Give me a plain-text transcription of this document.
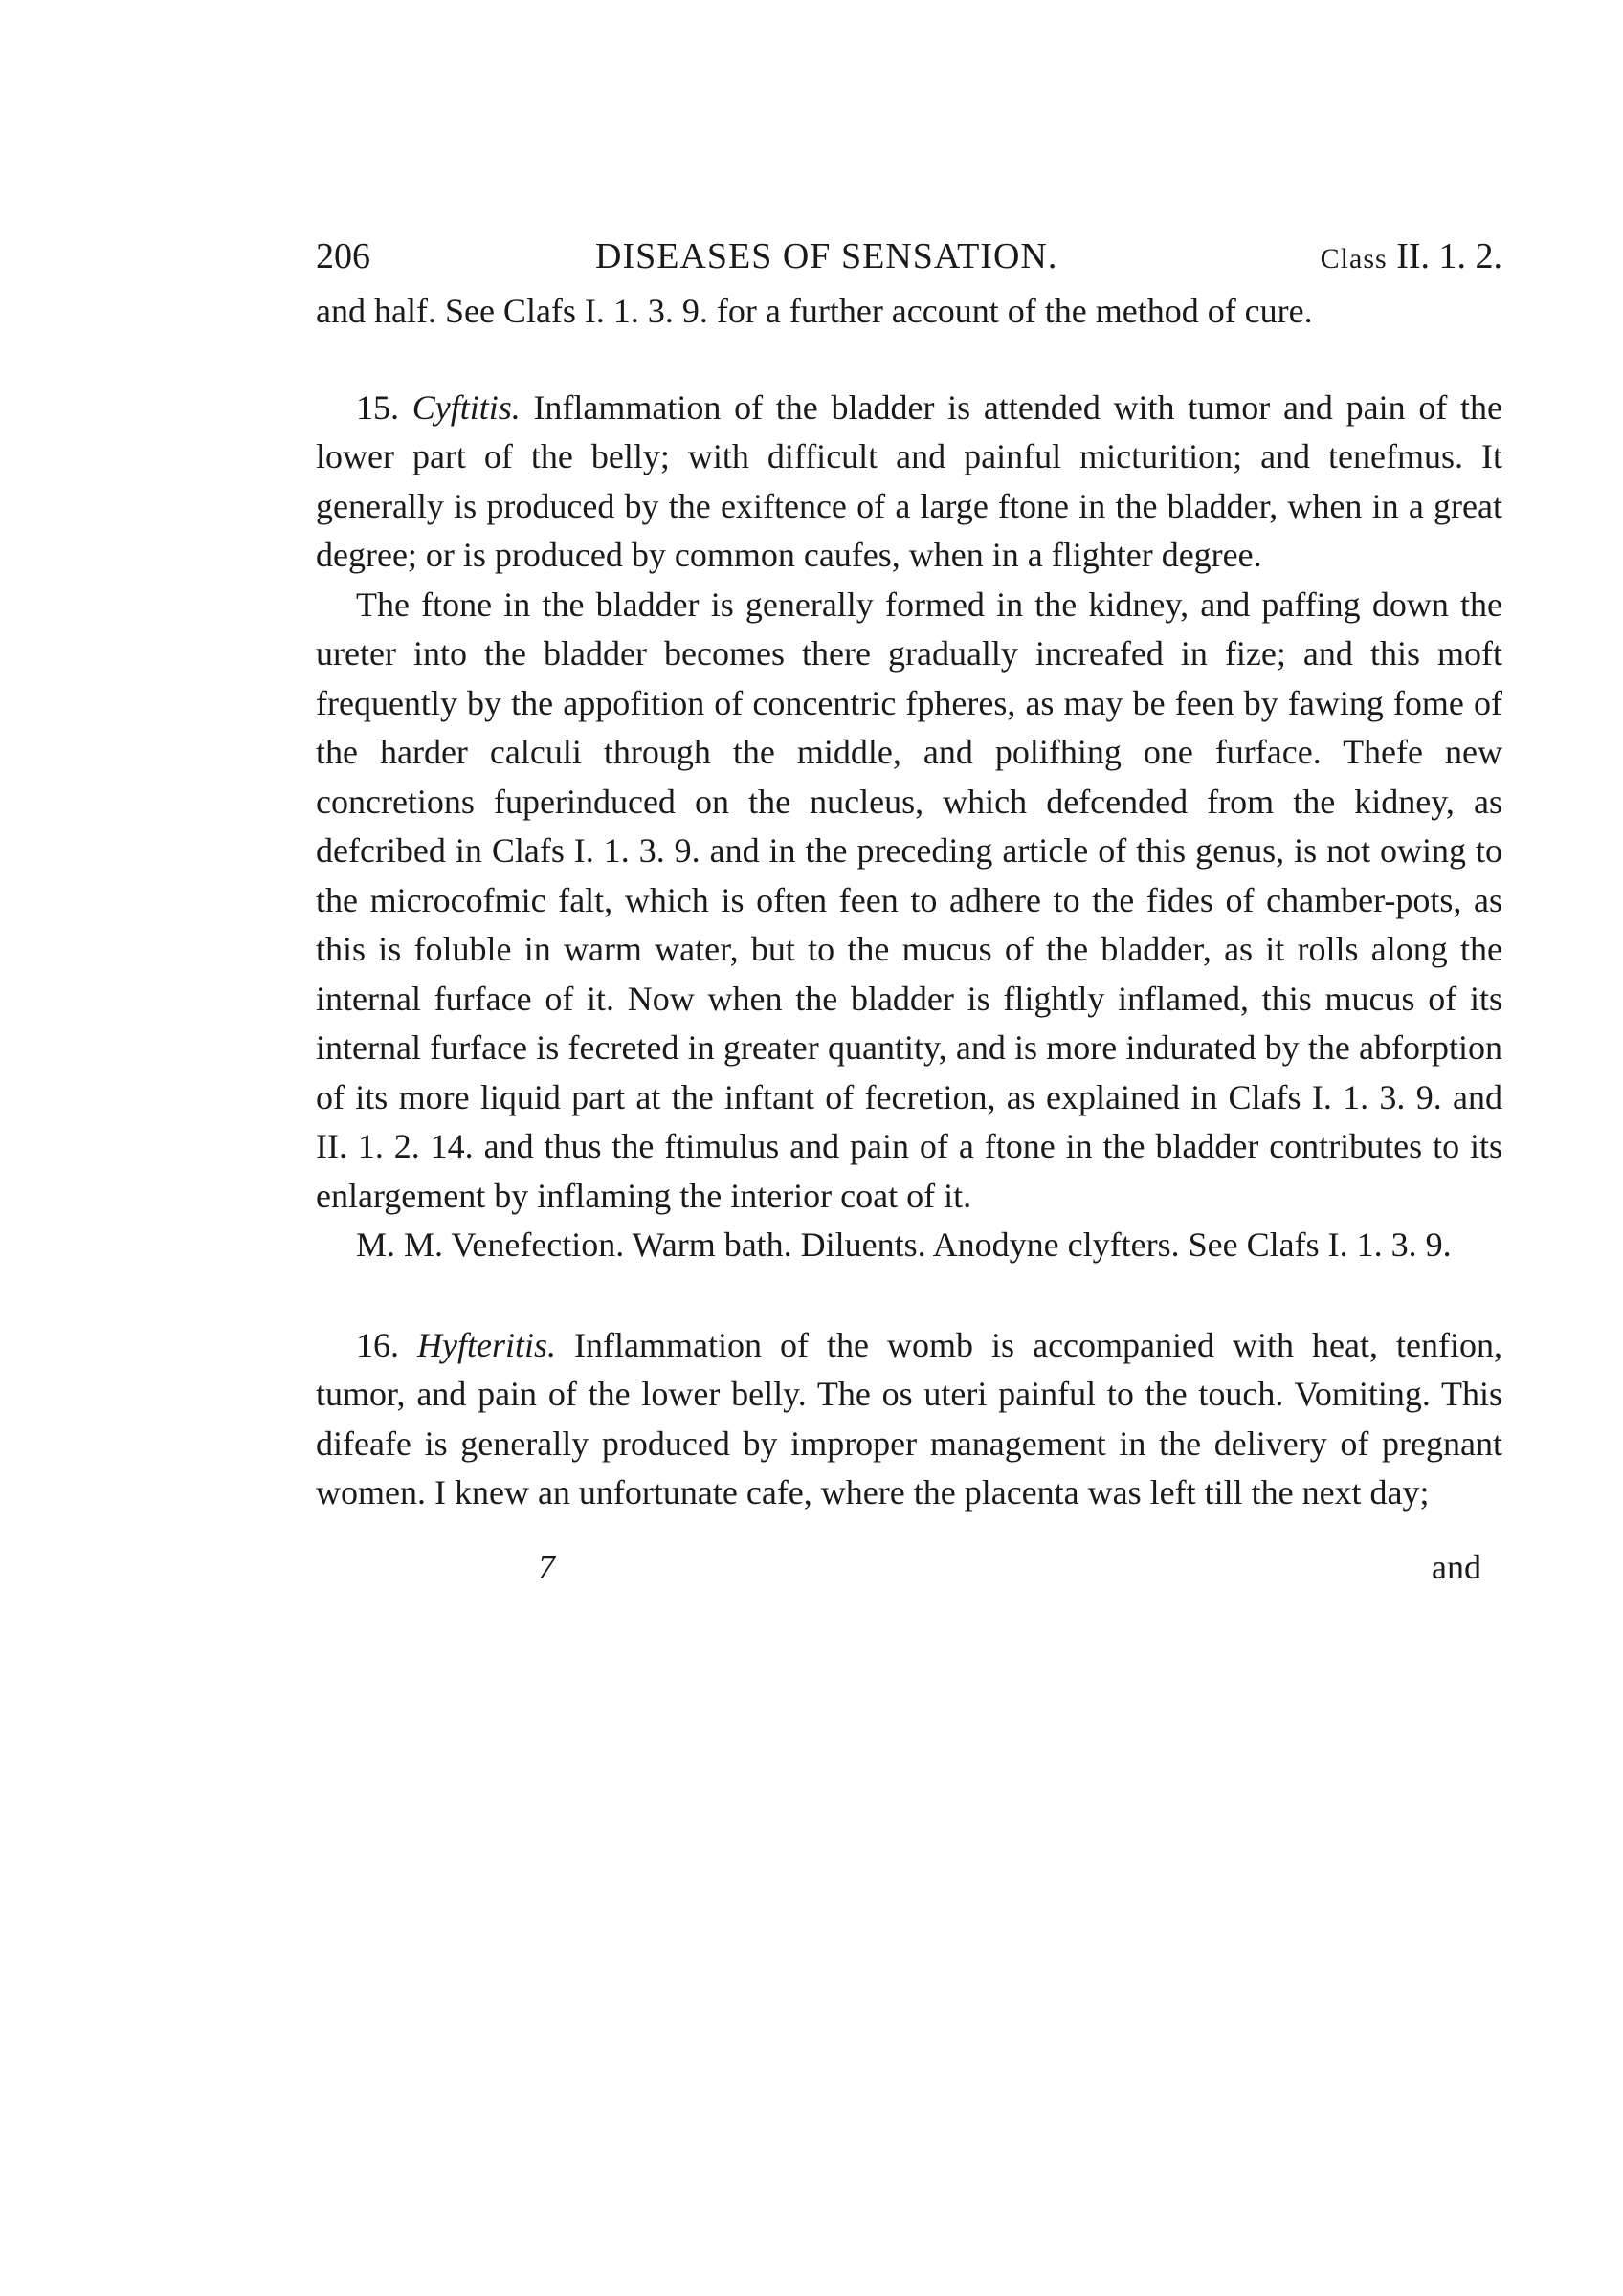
206	DISEASES OF SENSATION.	Class II. 1. 2.

and half. See Clafs I. 1. 3. 9. for a further account of the method of cure.

15. Cyftitis. Inflammation of the bladder is attended with tumor and pain of the lower part of the belly; with difficult and painful micturition; and tenefmus. It generally is produced by the exiftence of a large ftone in the bladder, when in a great degree; or is produced by common caufes, when in a flighter degree.

The ftone in the bladder is generally formed in the kidney, and paffing down the ureter into the bladder becomes there gradually increafed in fize; and this moft frequently by the appofition of concentric fpheres, as may be feen by fawing fome of the harder calculi through the middle, and polifhing one furface. Thefe new concretions fuperinduced on the nucleus, which defcended from the kidney, as defcribed in Clafs I. 1. 3. 9. and in the preceding article of this genus, is not owing to the microcofmic falt, which is often feen to adhere to the fides of chamber-pots, as this is foluble in warm water, but to the mucus of the bladder, as it rolls along the internal furface of it. Now when the bladder is flightly inflamed, this mucus of its internal furface is fecreted in greater quantity, and is more indurated by the abforption of its more liquid part at the inftant of fecretion, as explained in Clafs I. 1. 3. 9. and II. 1. 2. 14. and thus the ftimulus and pain of a ftone in the bladder contributes to its enlargement by inflaming the interior coat of it.

M. M. Venefection. Warm bath. Diluents. Anodyne clyfters. See Clafs I. 1. 3. 9.

16. Hyfteritis. Inflammation of the womb is accompanied with heat, tenfion, tumor, and pain of the lower belly. The os uteri painful to the touch. Vomiting. This difeafe is generally produced by improper management in the delivery of pregnant women. I knew an unfortunate cafe, where the placenta was left till the next day;

7	and
